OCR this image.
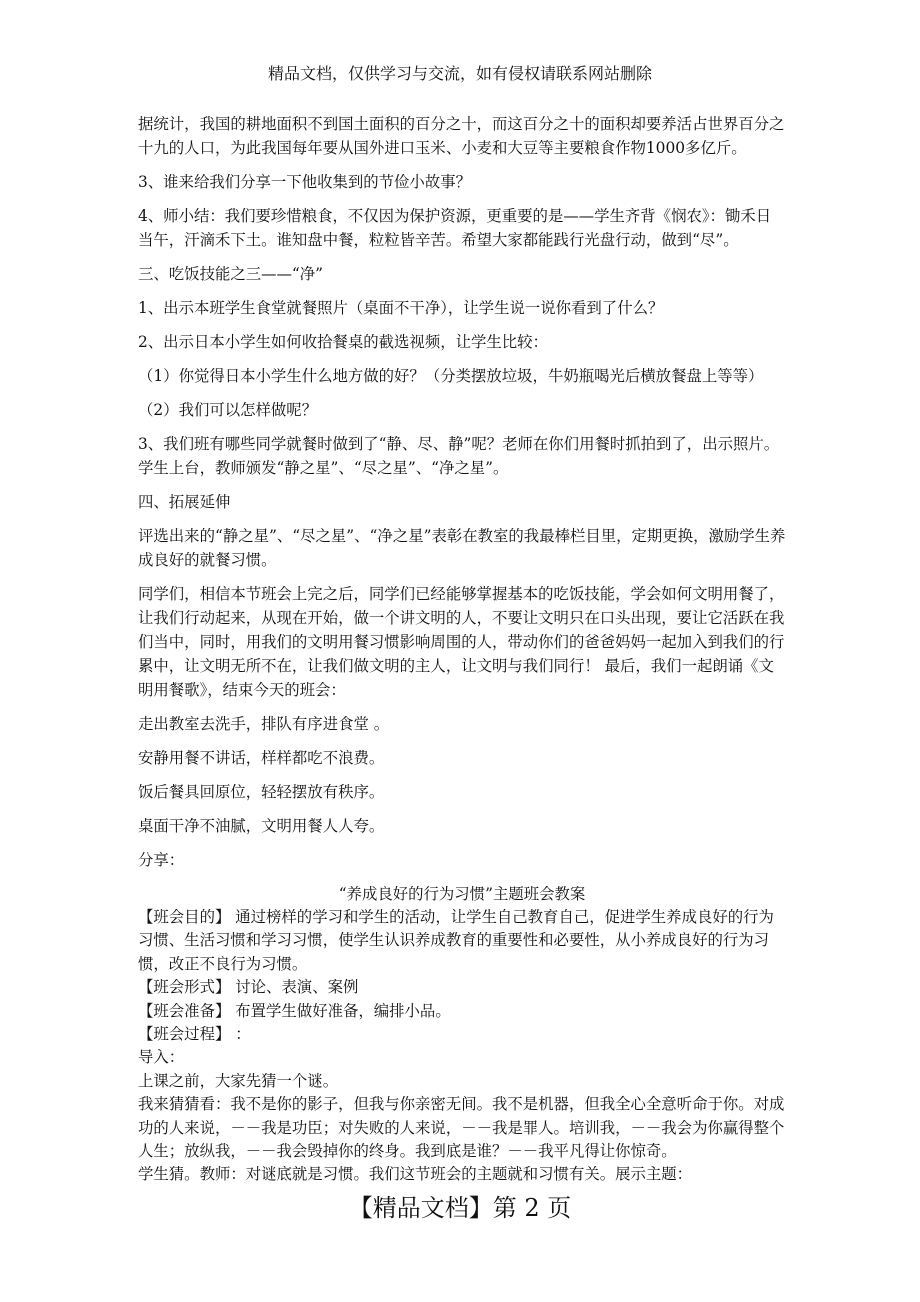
精品文档，仅供学习与交流，如有侵权请联系网站删除

据统计，我国的耕地面积不到国土面积的百分之十，而这百分之十的面积却要养活占世界百分之十九的人口，为此我国每年要从国外进口玉米、小麦和大豆等主要粮食作物1000多亿斤。

3、谁来给我们分享一下他收集到的节俭小故事？

4、师小结：我们要珍惜粮食，不仅因为保护资源，更重要的是——学生齐背《悯农》：锄禾日当午，汗滴禾下土。谁知盘中餐，粒粒皆辛苦。希望大家都能践行光盘行动，做到“尽”。

三、吃饭技能之三——“净”

1、出示本班学生食堂就餐照片（桌面不干净），让学生说一说你看到了什么？

2、出示日本小学生如何收拾餐桌的截选视频，让学生比较：

（1）你觉得日本小学生什么地方做的好？（分类摆放垃圾，牛奶瓶喝光后横放餐盘上等等）

（2）我们可以怎样做呢？

3、我们班有哪些同学就餐时做到了“静、尽、静”呢？老师在你们用餐时抓拍到了，出示照片。学生上台，教师颁发“静之星”、“尽之星”、“净之星”。

四、拓展延伸

评选出来的“静之星”、“尽之星”、“净之星”表彰在教室的我最棒栏目里，定期更换，激励学生养成良好的就餐习惯。

同学们，相信本节班会上完之后，同学们已经能够掌握基本的吃饭技能，学会如何文明用餐了，让我们行动起来，从现在开始，做一个讲文明的人，不要让文明只在口头出现，要让它活跃在我们当中，同时，用我们的文明用餐习惯影响周围的人，带动你们的爸爸妈妈一起加入到我们的行累中，让文明无所不在，让我们做文明的主人，让文明与我们同行！ 最后，我们一起朗诵《文明用餐歌》，结束今天的班会：

走出教室去洗手，排队有序进食堂 。

安静用餐不讲话，样样都吃不浪费。

饭后餐具回原位，轻轻摆放有秩序。

桌面干净不油腻，文明用餐人人夸。

分享：

“养成良好的行为习惯”主题班会教案

【班会目的】 通过榜样的学习和学生的活动，让学生自己教育自己，促进学生养成良好的行为习惯、生活习惯和学习习惯，使学生认识养成教育的重要性和必要性，从小养成良好的行为习惯，改正不良行为习惯。

【班会形式】 讨论、表演、案例

【班会准备】 布置学生做好准备，编排小品。

【班会过程】 ：

导入：

上课之前，大家先猜一个谜。

我来猜猜看：我不是你的影子，但我与你亲密无间。我不是机器，但我全心全意听命于你。对成功的人来说，－－我是功臣；对失败的人来说，－－我是罪人。培训我，－－我会为你赢得整个人生；放纵我，－－我会毁掉你的终身。我到底是谁？－－我平凡得让你惊奇。

学生猜。教师：对谜底就是习惯。我们这节班会的主题就和习惯有关。展示主题：

【精品文档】第 2 页
